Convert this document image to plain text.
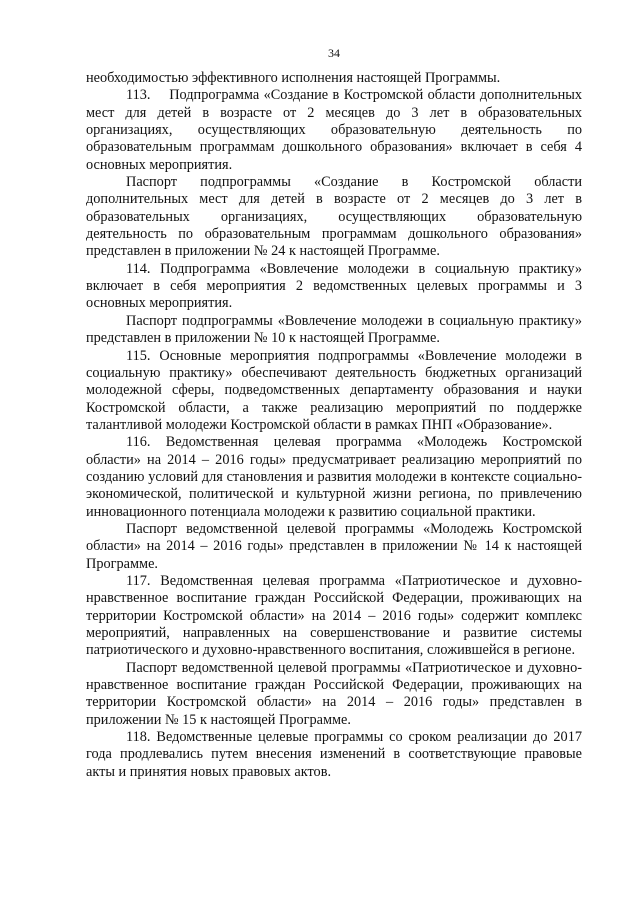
34

необходимостью эффективного исполнения настоящей Программы.

113.  Подпрограмма «Создание в Костромской области дополнительных мест для детей в возрасте от 2 месяцев до 3 лет в образовательных организациях, осуществляющих образовательную деятельность по образовательным программам дошкольного образования» включает в себя 4 основных мероприятия.

Паспорт подпрограммы «Создание в Костромской области дополнительных мест для детей в возрасте от 2 месяцев до 3 лет в образовательных организациях, осуществляющих образовательную деятельность по образовательным программам дошкольного образования» представлен в приложении № 24 к настоящей Программе.

114. Подпрограмма «Вовлечение молодежи в социальную практику» включает в себя мероприятия 2 ведомственных целевых программы и 3 основных мероприятия.

Паспорт подпрограммы «Вовлечение молодежи в социальную практику» представлен в приложении № 10 к настоящей Программе.

115. Основные мероприятия подпрограммы «Вовлечение молодежи в социальную практику» обеспечивают деятельность бюджетных организаций молодежной сферы, подведомственных департаменту образования и науки Костромской области, а также реализацию мероприятий по поддержке талантливой молодежи Костромской области в рамках ПНП «Образование».

116. Ведомственная целевая программа «Молодежь Костромской области» на 2014 – 2016 годы» предусматривает реализацию мероприятий по созданию условий для становления и развития молодежи в контексте социально-экономической, политической и культурной жизни региона, по привлечению инновационного потенциала молодежи к развитию социальной практики.

Паспорт ведомственной целевой программы «Молодежь Костромской области» на 2014 – 2016 годы» представлен в приложении № 14 к настоящей Программе.

117. Ведомственная целевая программа «Патриотическое и духовно-нравственное воспитание граждан Российской Федерации, проживающих на территории Костромской области» на 2014 – 2016 годы» содержит комплекс мероприятий, направленных на совершенствование и развитие системы патриотического и духовно-нравственного воспитания, сложившейся в регионе.

Паспорт ведомственной целевой программы «Патриотическое и духовно-нравственное воспитание граждан Российской Федерации, проживающих на территории Костромской области» на 2014 – 2016 годы» представлен в приложении № 15 к настоящей Программе.

118. Ведомственные целевые программы со сроком реализации до 2017 года продлевались путем внесения изменений в соответствующие правовые акты и принятия новых правовых актов.
